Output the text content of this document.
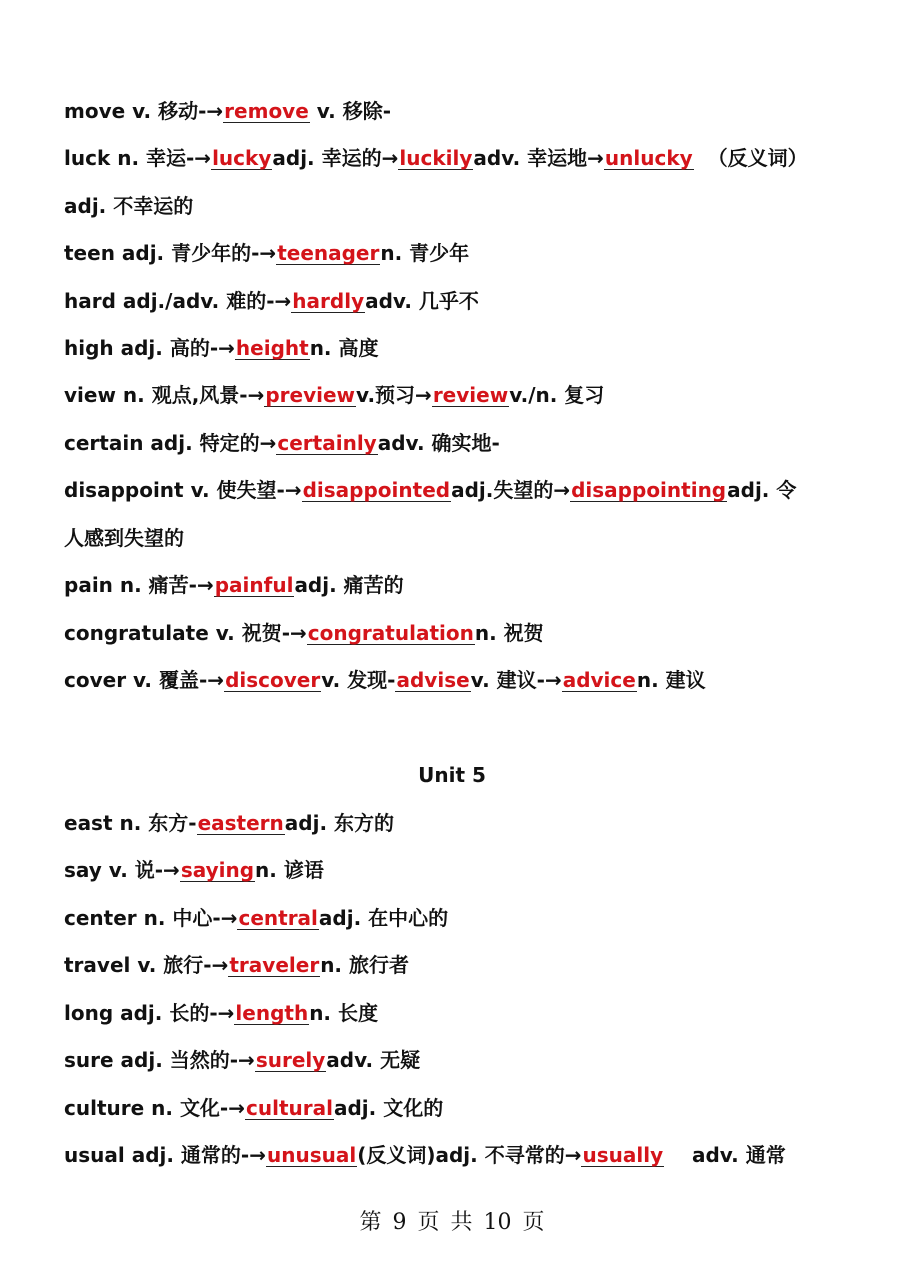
move v. 移动-→remove v. 移除-
luck n. 幸运-→luckyadj. 幸运的→luckilyadv. 幸运地→unlucky  （反义词）
adj. 不幸运的
teen adj. 青少年的-→teenagern. 青少年
hard adj./adv. 难的-→hardlyadv. 几乎不
high adj. 高的-→heightn. 高度
view n. 观点,风景-→previewv.预习→reviewv./n. 复习
certain adj. 特定的→certainlyadv. 确实地-
disappoint v. 使失望-→disappointedadj.失望的→disappointingadj. 令
人感到失望的
pain n. 痛苦-→painfuladj. 痛苦的
congratulate v. 祝贺-→congratulationn. 祝贺
cover v. 覆盖-→discoverv. 发现-advisev. 建议-→advicen. 建议
Unit 5
east n. 东方-easternadj. 东方的
say v. 说-→sayingn. 谚语
center n. 中心-→centraladj. 在中心的
travel v. 旅行-→travelern. 旅行者
long adj. 长的-→lengthn. 长度
sure adj. 当然的-→surelyadv. 无疑
culture n. 文化-→culturaladj. 文化的
usual adj. 通常的-→unusual(反义词)adj. 不寻常的→usually    adv. 通常
第 9 页 共 10 页
